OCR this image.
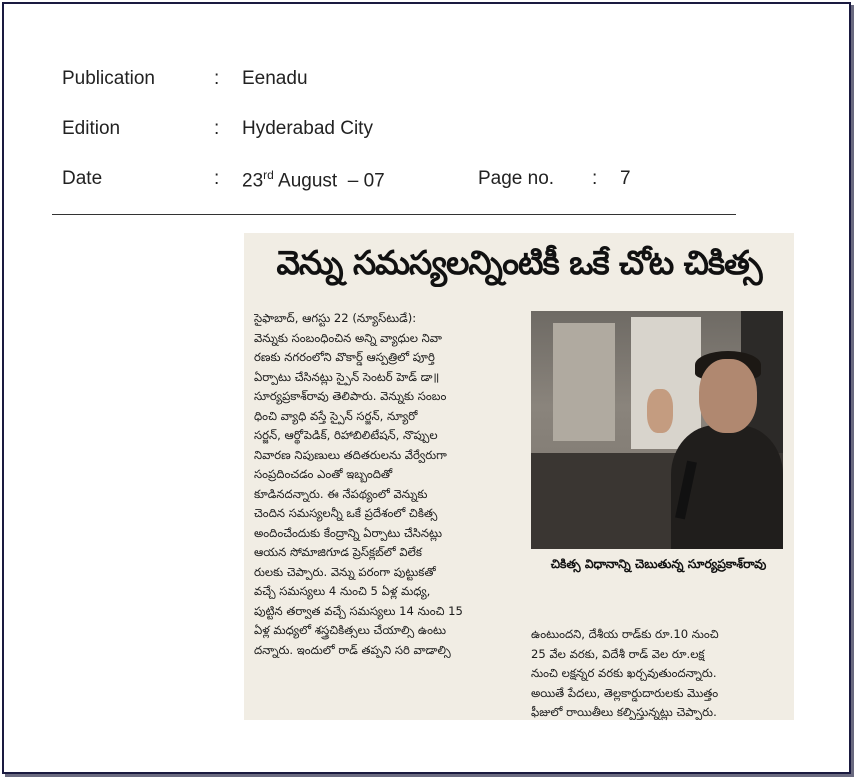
Publication	: Eenadu
Edition	: Hyderabad City
Date	: 23rd August  – 07	Page no. : 7
వెన్ను సమస్యలన్నింటికీ ఒకే చోట చికిత్స
సైఫాబాద్, ఆగస్టు 22 (న్యూస్‌టుడే):
వెన్నుకు సంబంధించిన అన్ని వ్యాధుల నివా
రణకు నగరంలోని వొకార్డ్ ఆస్పత్రిలో పూర్తి
ఏర్పాటు చేసినట్లు స్పైన్ సెంటర్ హెడ్ డా॥
సూర్యప్రకాశ్‌రావు తెలిపారు. వెన్నుకు సంబం
ధించి వ్యాధి వస్తే స్పైన్ సర్జన్, న్యూరో
సర్జన్, ఆర్థోపెడిక్, రిహాబిలిటేషన్, నొప్పుల
నివారణ నిపుణులు తదితరులను వేర్వేరుగా
సంప్రదించడం ఎంతో ఇబ్బందితో
కూడినదన్నారు. ఈ నేపథ్యంలో వెన్నుకు
చెందిన సమస్యలన్నీ ఒకే ప్రదేశంలో చికిత్స
అందించేందుకు కేంద్రాన్ని ఏర్పాటు చేసినట్లు
ఆయన సోమాజిగూడ ప్రెస్‌క్లబ్‌లో విలేక
రులకు చెప్పారు. వెన్ను పరంగా పుట్టుకతో
వచ్చే సమస్యలు 4 నుంచి 5 ఏళ్ల మధ్య,
పుట్టిన తర్వాత వచ్చే సమస్యలు 14 నుంచి 15
ఏళ్ల మధ్యలో శస్త్రచికిత్సలు చేయాల్సి ఉంటు
దన్నారు. ఇందులో రాడ్ తప్పని సరి వాడాల్సి
చికిత్స విధానాన్ని చెబుతున్న సూర్యప్రకాశ్‌రావు
ఉంటుందని, దేశీయ రాడ్‌కు రూ.10 నుంచి
25 వేల వరకు, విదేశీ రాడ్ వెల రూ.లక్ష
నుంచి లక్షన్నర వరకు ఖర్చవుతుందన్నారు.
అయితే పేదలు, తెల్లకార్డుదారులకు మొత్తం
ఫీజులో రాయితీలు కల్పిస్తున్నట్లు చెప్పారు.
